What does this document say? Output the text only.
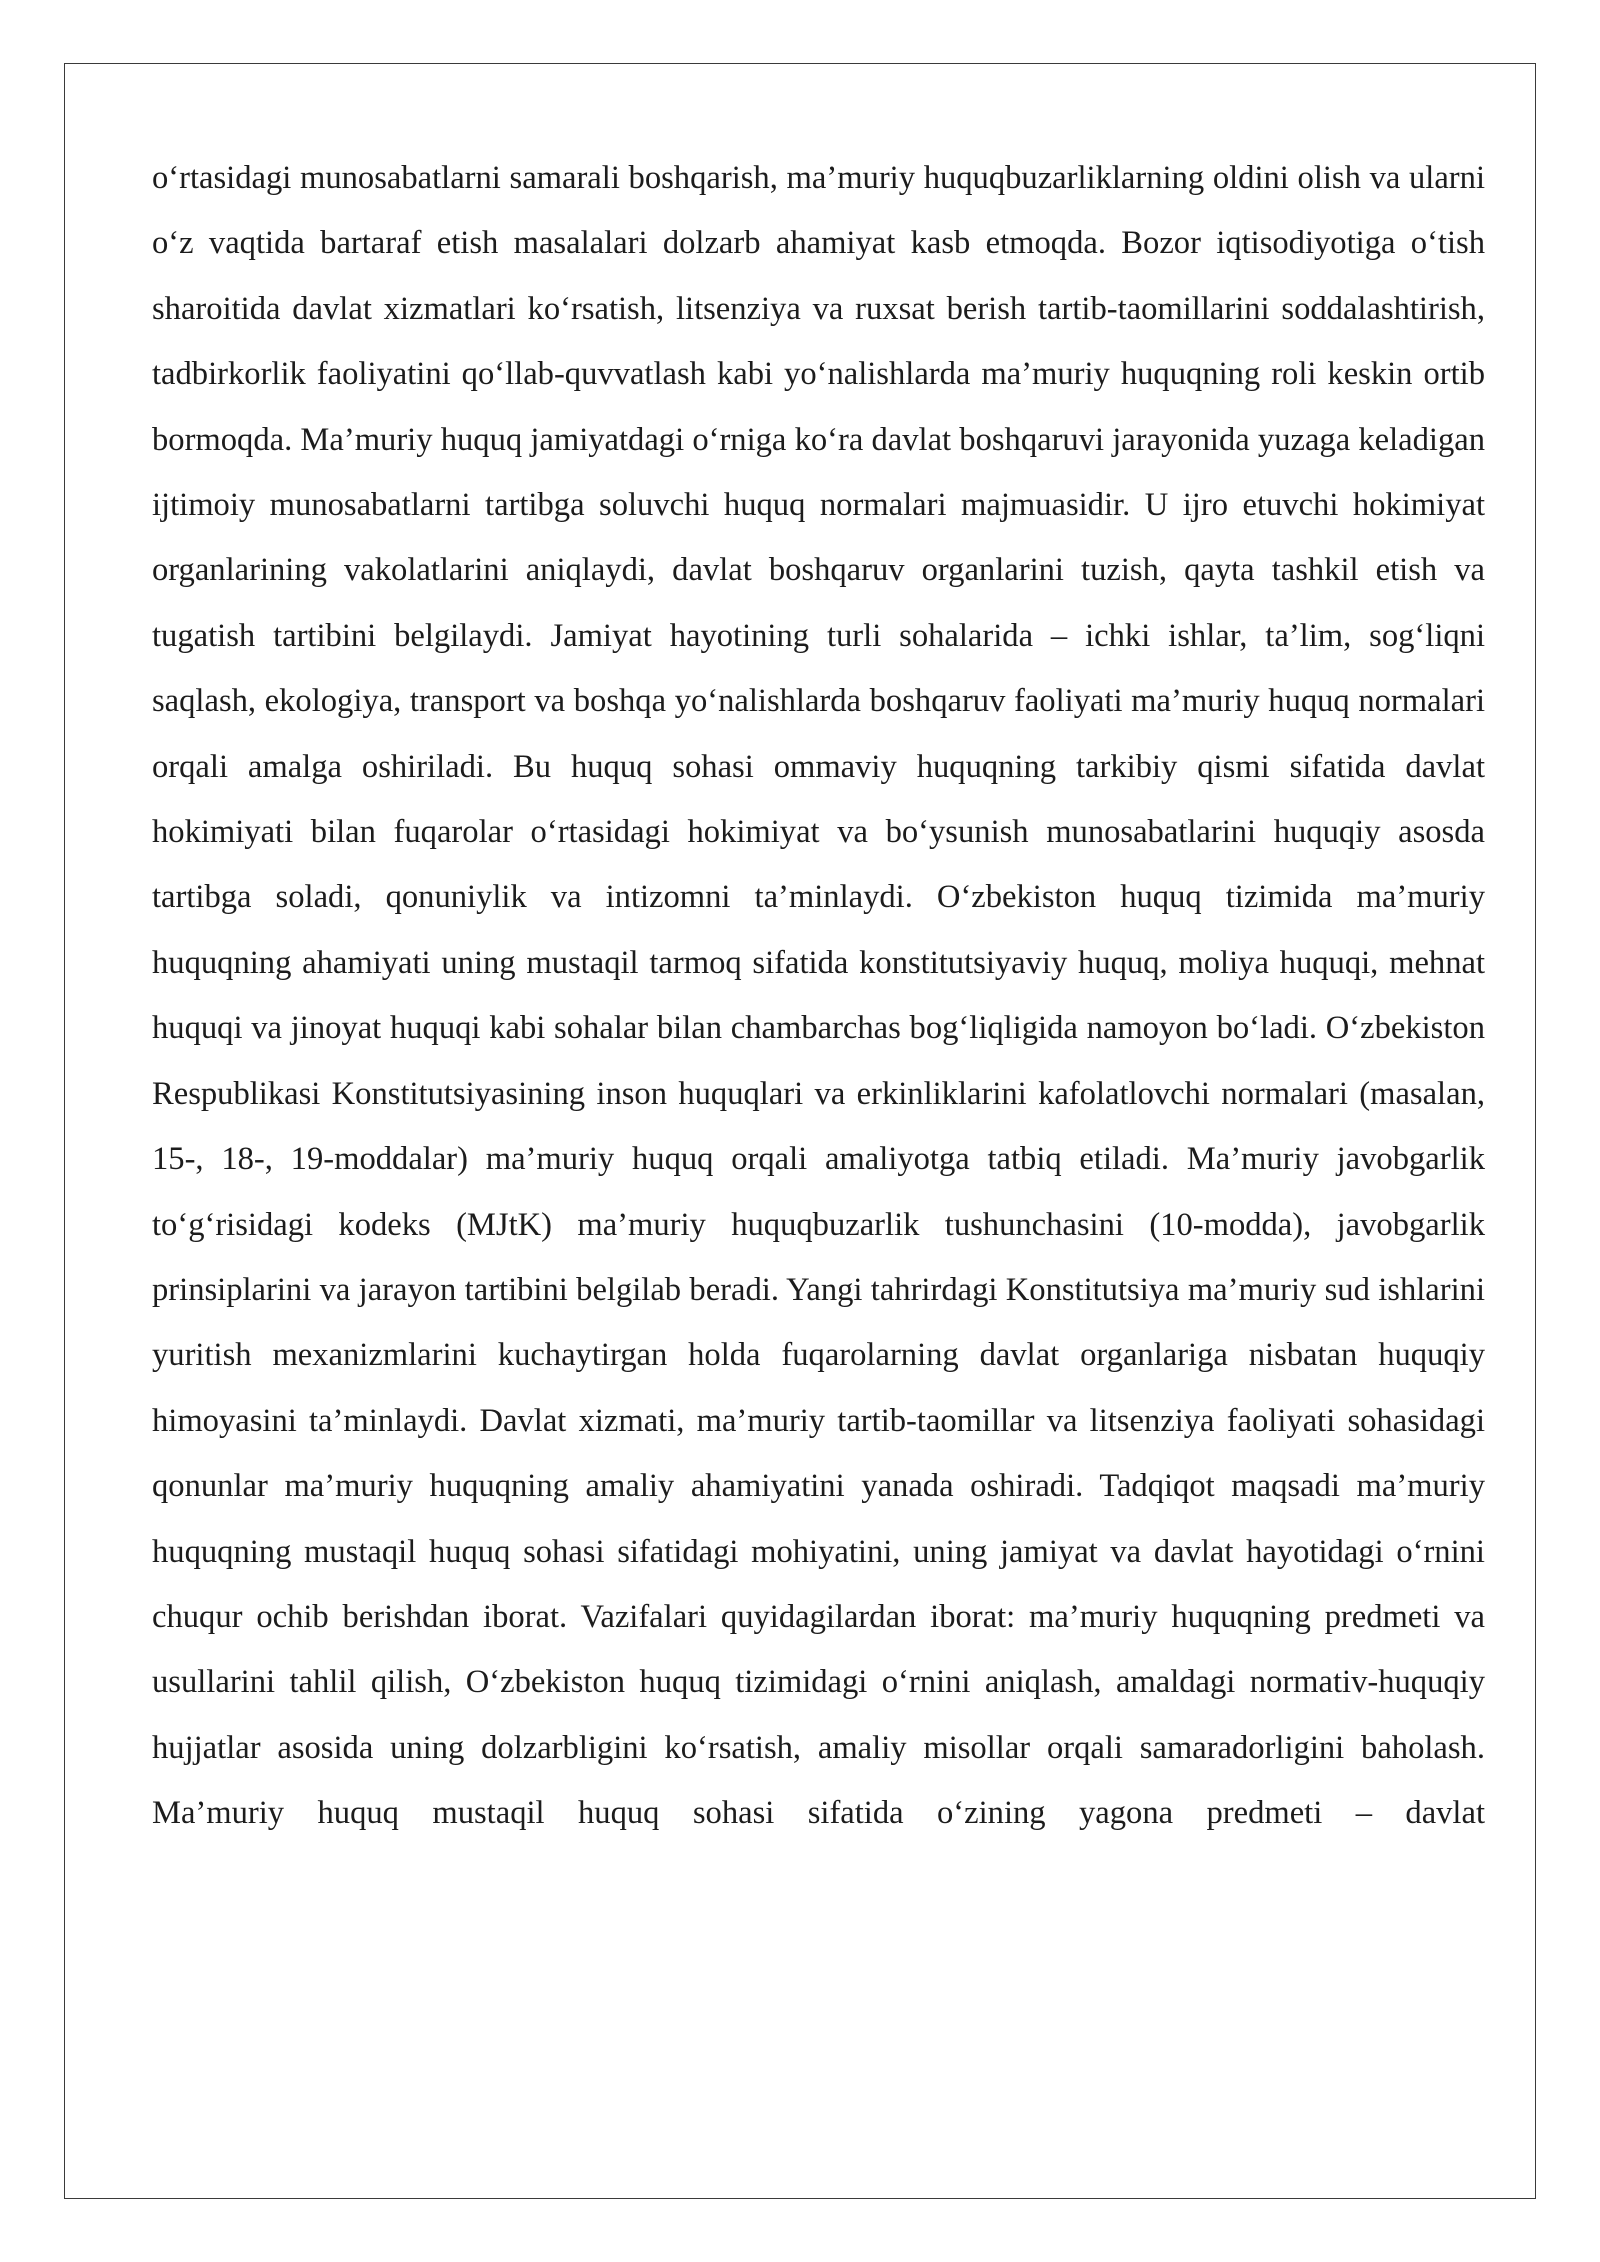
o‘rtasidagi munosabatlarni samarali boshqarish, ma’muriy huquqbuzarliklarning oldini olish va ularni o‘z vaqtida bartaraf etish masalalari dolzarb ahamiyat kasb etmoqda. Bozor iqtisodiyotiga o‘tish sharoitida davlat xizmatlari ko‘rsatish, litsenziya va ruxsat berish tartib-taomillarini soddalashtirish, tadbirkorlik faoliyatini qo‘llab-quvvatlash kabi yo‘nalishlarda ma’muriy huquqning roli keskin ortib bormoqda. Ma’muriy huquq jamiyatdagi o‘rniga ko‘ra davlat boshqaruvi jarayonida yuzaga keladigan ijtimoiy munosabatlarni tartibga soluvchi huquq normalari majmuasidir. U ijro etuvchi hokimiyat organlarining vakolatlarini aniqlaydi, davlat boshqaruv organlarini tuzish, qayta tashkil etish va tugatish tartibini belgilaydi. Jamiyat hayotining turli sohalarida – ichki ishlar, ta’lim, sog‘liqni saqlash, ekologiya, transport va boshqa yo‘nalishlarda boshqaruv faoliyati ma’muriy huquq normalari orqali amalga oshiriladi. Bu huquq sohasi ommaviy huquqning tarkibiy qismi sifatida davlat hokimiyati bilan fuqarolar o‘rtasidagi hokimiyat va bo‘ysunish munosabatlarini huquqiy asosda tartibga soladi, qonuniylik va intizomni ta’minlaydi. O‘zbekiston huquq tizimida ma’muriy huquqning ahamiyati uning mustaqil tarmoq sifatida konstitutsiyaviy huquq, moliya huquqi, mehnat huquqi va jinoyat huquqi kabi sohalar bilan chambarchas bog‘liqligida namoyon bo‘ladi. O‘zbekiston Respublikasi Konstitutsiyasining inson huquqlari va erkinliklarini kafolatlovchi normalari (masalan, 15-, 18-, 19-moddalar) ma’muriy huquq orqali amaliyotga tatbiq etiladi. Ma’muriy javobgarlik to‘g‘risidagi kodeks (MJtK) ma’muriy huquqbuzarlik tushunchasini (10-modda), javobgarlik prinsiplarini va jarayon tartibini belgilab beradi. Yangi tahrirdagi Konstitutsiya ma’muriy sud ishlarini yuritish mexanizmlarini kuchaytirgan holda fuqarolarning davlat organlariga nisbatan huquqiy himoyasini ta’minlaydi. Davlat xizmati, ma’muriy tartib-taomillar va litsenziya faoliyati sohasidagi qonunlar ma’muriy huquqning amaliy ahamiyatini yanada oshiradi. Tadqiqot maqsadi ma’muriy huquqning mustaqil huquq sohasi sifatidagi mohiyatini, uning jamiyat va davlat hayotidagi o‘rnini chuqur ochib berishdan iborat. Vazifalari quyidagilardan iborat: ma’muriy huquqning predmeti va usullarini tahlil qilish, O‘zbekiston huquq tizimidagi o‘rnini aniqlash, amaldagi normativ-huquqiy hujjatlar asosida uning dolzarbligini ko‘rsatish, amaliy misollar orqali samaradorligini baholash. Ma’muriy huquq mustaqil huquq sohasi sifatida o‘zining yagona predmeti – davlat
